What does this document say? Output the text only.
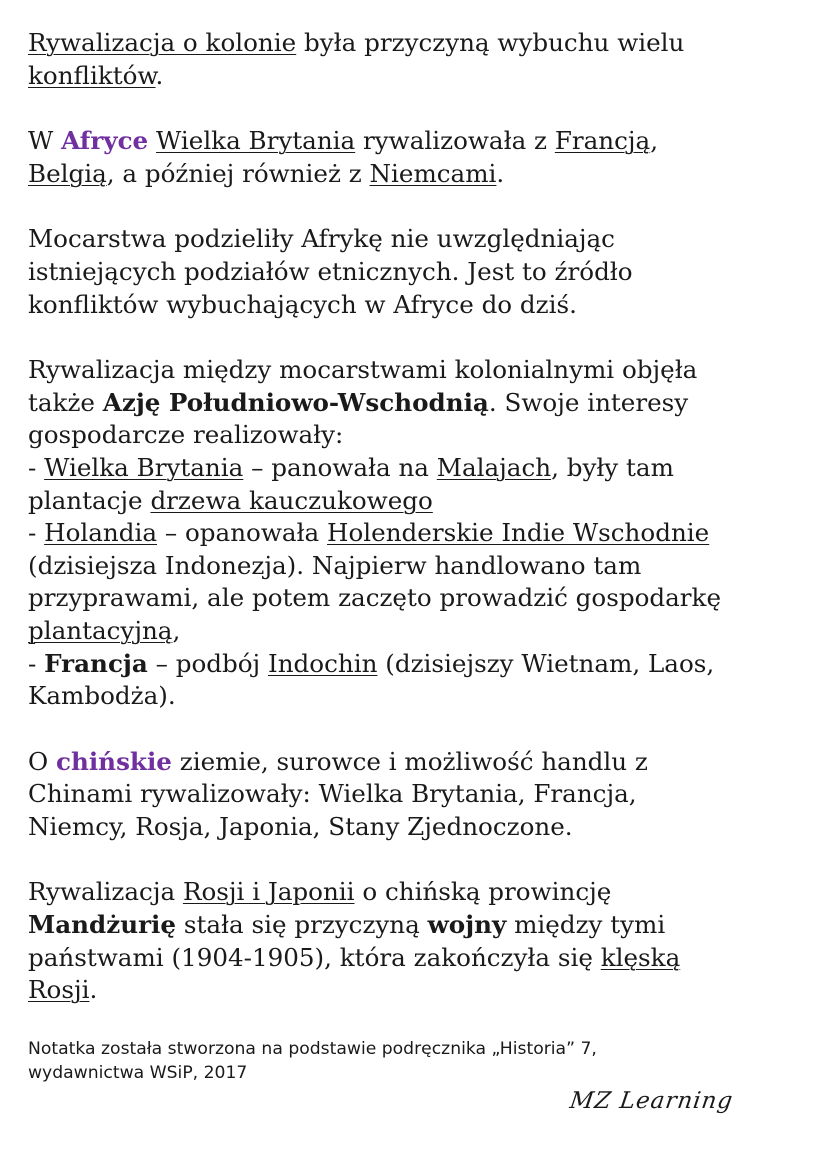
Rywalizacja o kolonie była przyczyną wybuchu wielu
konfliktów.

W Afryce Wielka Brytania rywalizowała z Francją,
Belgią, a później również z Niemcami.

Mocarstwa podzieliły Afrykę nie uwzględniając
istniejących podziałów etnicznych. Jest to źródło
konfliktów wybuchających w Afryce do dziś.

Rywalizacja między mocarstwami kolonialnymi objęła
także Azję Południowo-Wschodnią. Swoje interesy
gospodarcze realizowały:
- Wielka Brytania – panowała na Malajach, były tam
plantacje drzewa kauczukowego
- Holandia – opanowała Holenderskie Indie Wschodnie
(dzisiejsza Indonezja). Najpierw handlowano tam
przyprawami, ale potem zaczęto prowadzić gospodarkę
plantacyjną,
- Francja – podbój Indochin (dzisiejszy Wietnam, Laos,
Kambodża).

O chińskie ziemie, surowce i możliwość handlu z
Chinami rywalizowały: Wielka Brytania, Francja,
Niemcy, Rosja, Japonia, Stany Zjednoczone.

Rywalizacja Rosji i Japonii o chińską prowincję
Mandżurię stała się przyczyną wojny między tymi
państwami (1904-1905), która zakończyła się klęską
Rosji.

Notatka została stworzona na podstawie podręcznika „Historia” 7,
wydawnictwa WSiP, 2017
MZ Learning
